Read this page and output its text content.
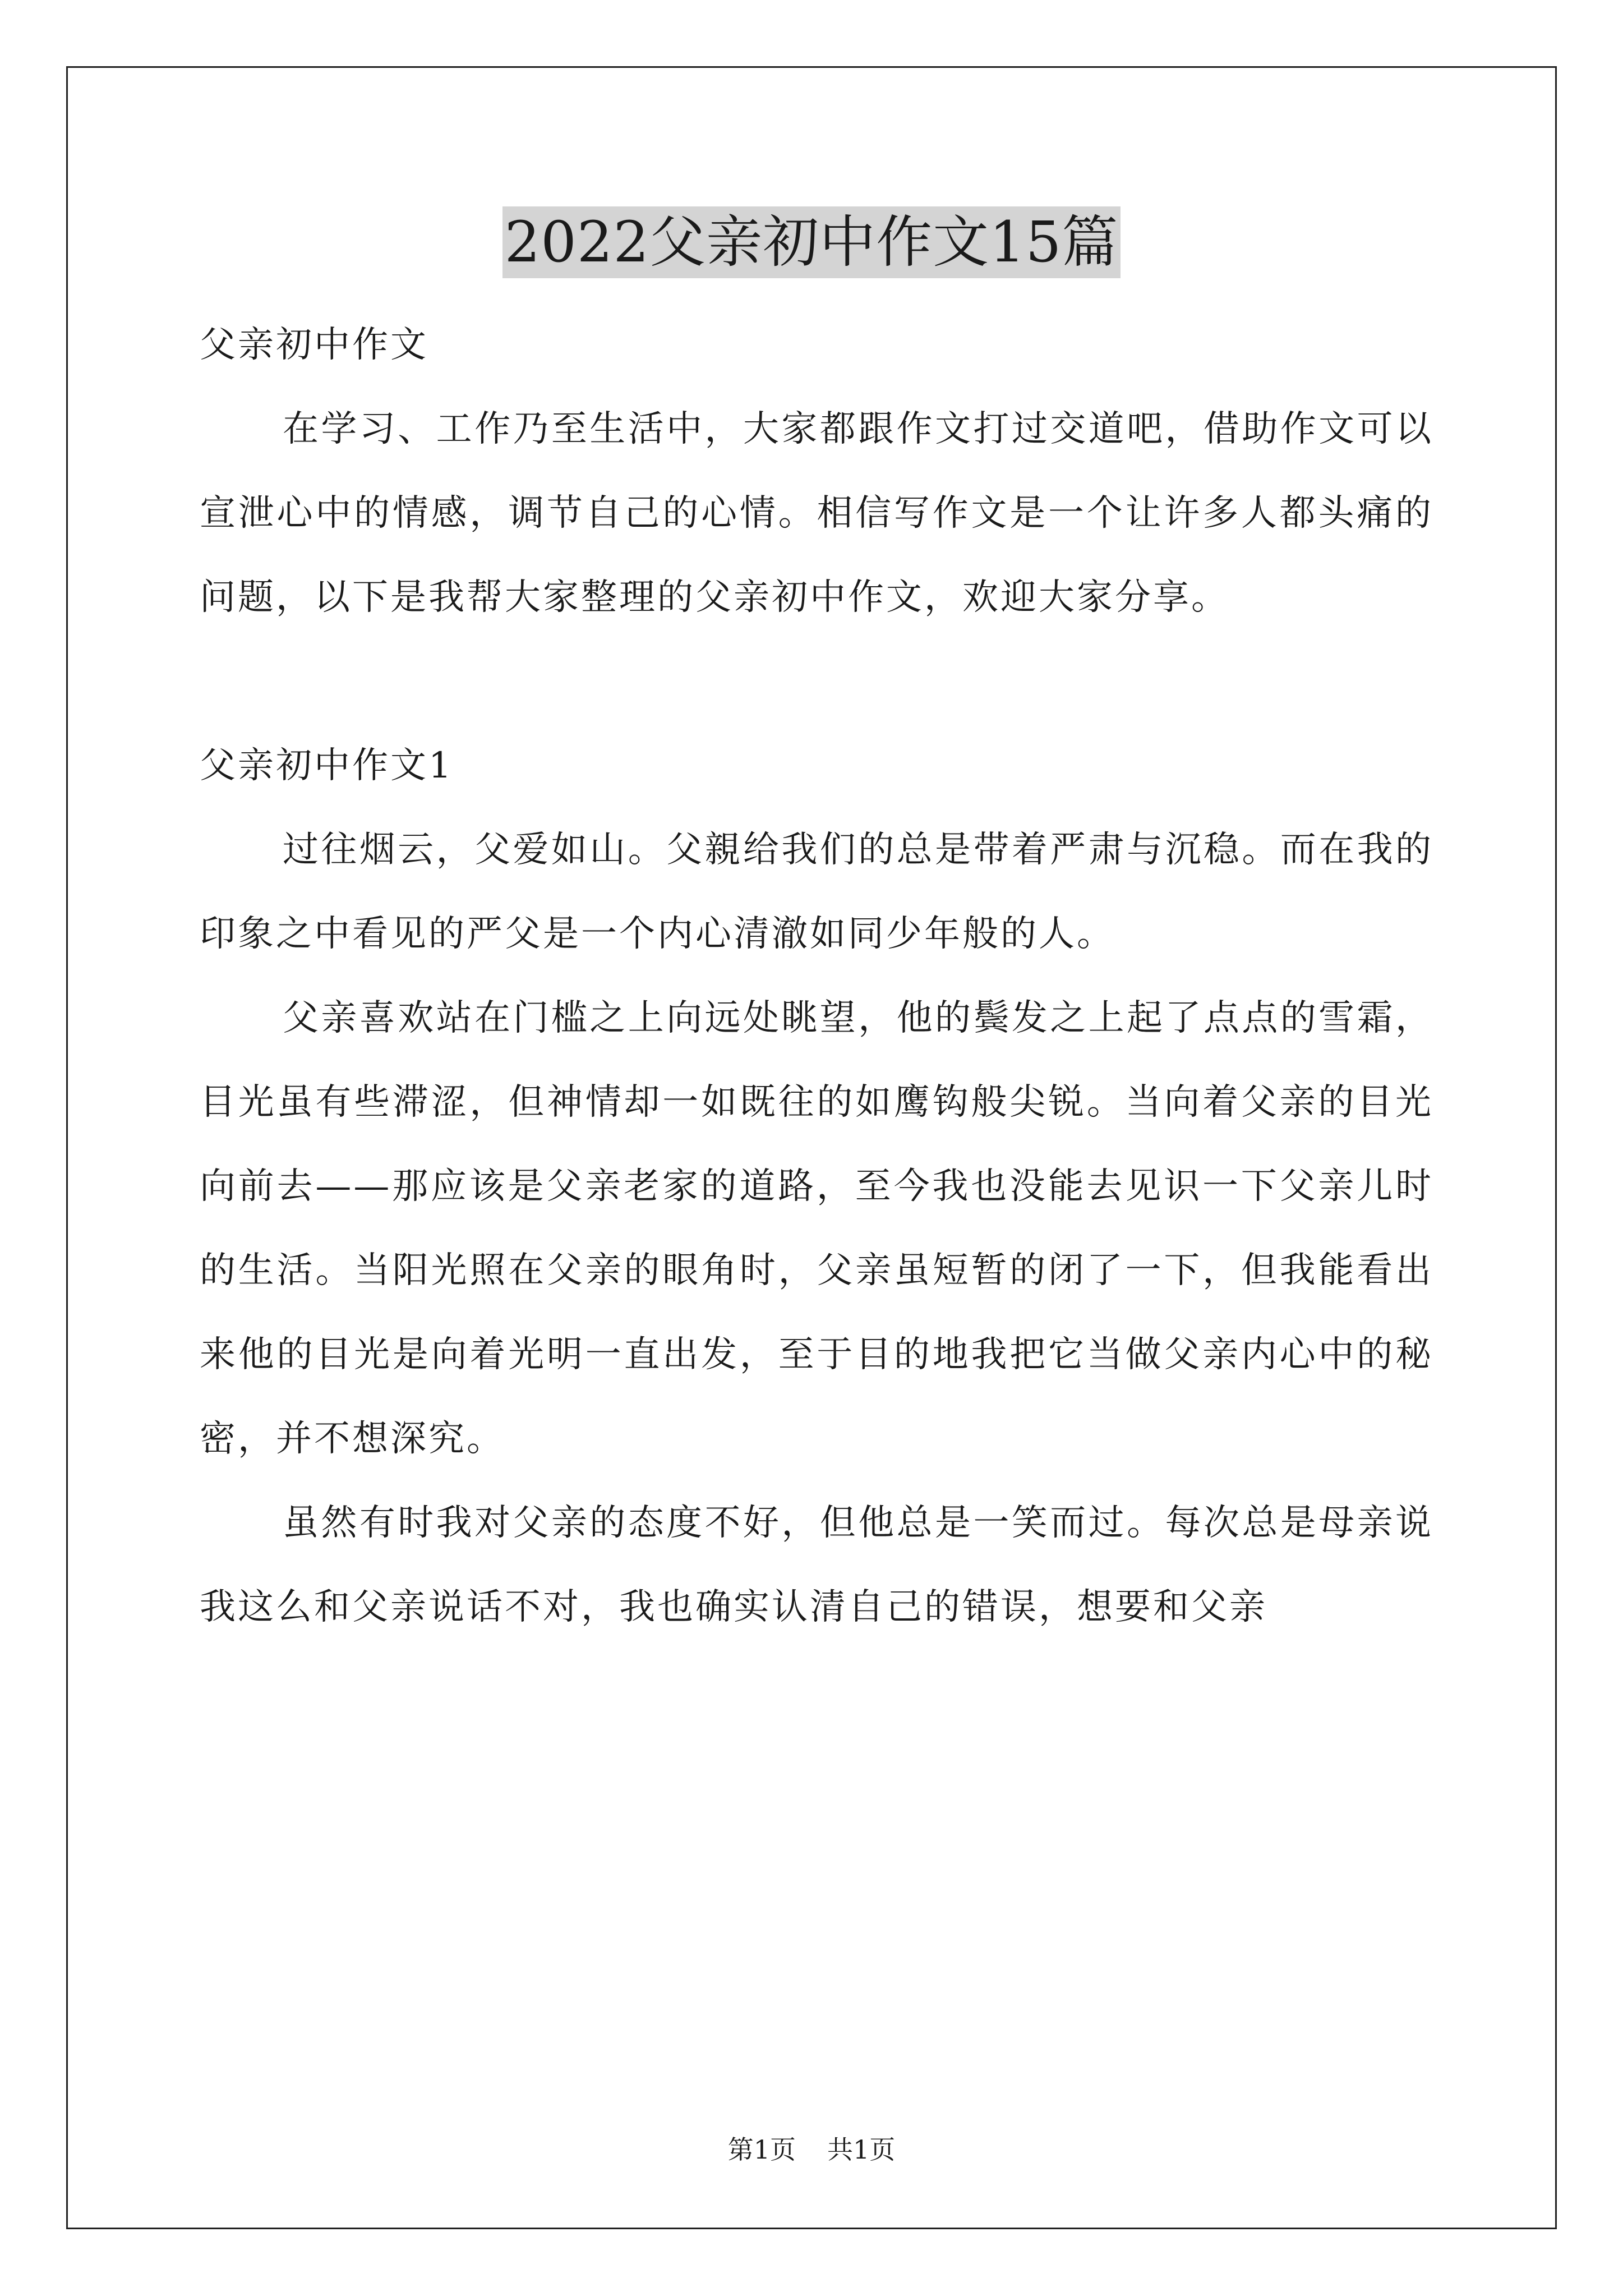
2022父亲初中作文15篇

父亲初中作文

在学习、工作乃至生活中，大家都跟作文打过交道吧，借助作文可以宣泄心中的情感，调节自己的心情。相信写作文是一个让许多人都头痛的问题，以下是我帮大家整理的父亲初中作文，欢迎大家分享。

父亲初中作文1

过往烟云，父爱如山。父親给我们的总是带着严肃与沉稳。而在我的印象之中看见的严父是一个内心清澈如同少年般的人。

父亲喜欢站在门槛之上向远处眺望，他的鬓发之上起了点点的雪霜，目光虽有些滞涩，但神情却一如既往的如鹰钩般尖锐。当向着父亲的目光向前去——那应该是父亲老家的道路，至今我也没能去见识一下父亲儿时的生活。当阳光照在父亲的眼角时，父亲虽短暂的闭了一下，但我能看出来他的目光是向着光明一直出发，至于目的地我把它当做父亲内心中的秘密，并不想深究。

虽然有时我对父亲的态度不好，但他总是一笑而过。每次总是母亲说我这么和父亲说话不对，我也确实认清自己的错误，想要和父亲

第1页 共1页
